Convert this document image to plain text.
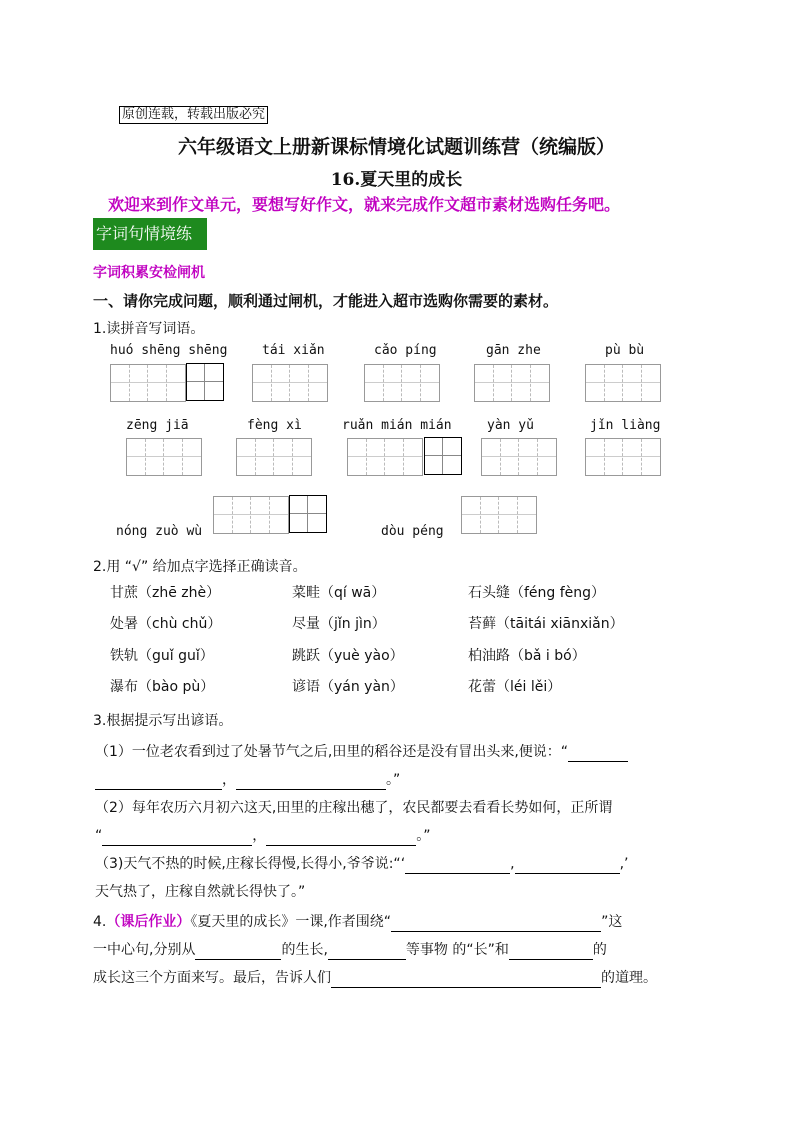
原创连载，转载出版必究
六年级语文上册新课标情境化试题训练营（统编版）
16.夏天里的成长
欢迎来到作文单元，要想写好作文，就来完成作文超市素材选购任务吧。
字词句情境练
字词积累安检闸机
一、请你完成问题，顺利通过闸机，才能进入超市选购你需要的素材。
1.读拼音写词语。
huó shēng shēng	tái xiǎn	cǎo píng	gān zhe	pù bù
zēng jiā	fèng xì	ruǎn mián mián	yàn yǔ	jǐn liàng
nóng zuò wù	dòu péng
2.用 “√” 给加点字选择正确读音。
甘蔗（zhē zhè）	菜畦（qí wā）	石头缝（féng fèng）
处暑（chù chǔ）	尽量（jǐn jìn）	苔藓（tāitái xiānxiǎn）
铁轨（guǐ guǐ）	跳跃（yuè yào）	柏油路（bǎ i bó）
瀑布（bào pù）	谚语（yán yàn）	花蕾（léi lěi）
3.根据提示写出谚语。
（1）一位老农看到过了处暑节气之后,田里的稻谷还是没有冒出头来,便说：“
，	。”
（2）每年农历六月初六这天,田里的庄稼出穗了，农民都要去看看长势如何，正所谓
“	，	。”
（3)天气不热的时候,庄稼长得慢,长得小,爷爷说:“‘	,	,’
天气热了，庄稼自然就长得快了。”
4.（课后作业）《夏天里的成长》一课,作者围绕“	”这
一中心句,分别从	的生长,	等事物 的“长”和	的
成长这三个方面来写。最后，告诉人们	的道理。
